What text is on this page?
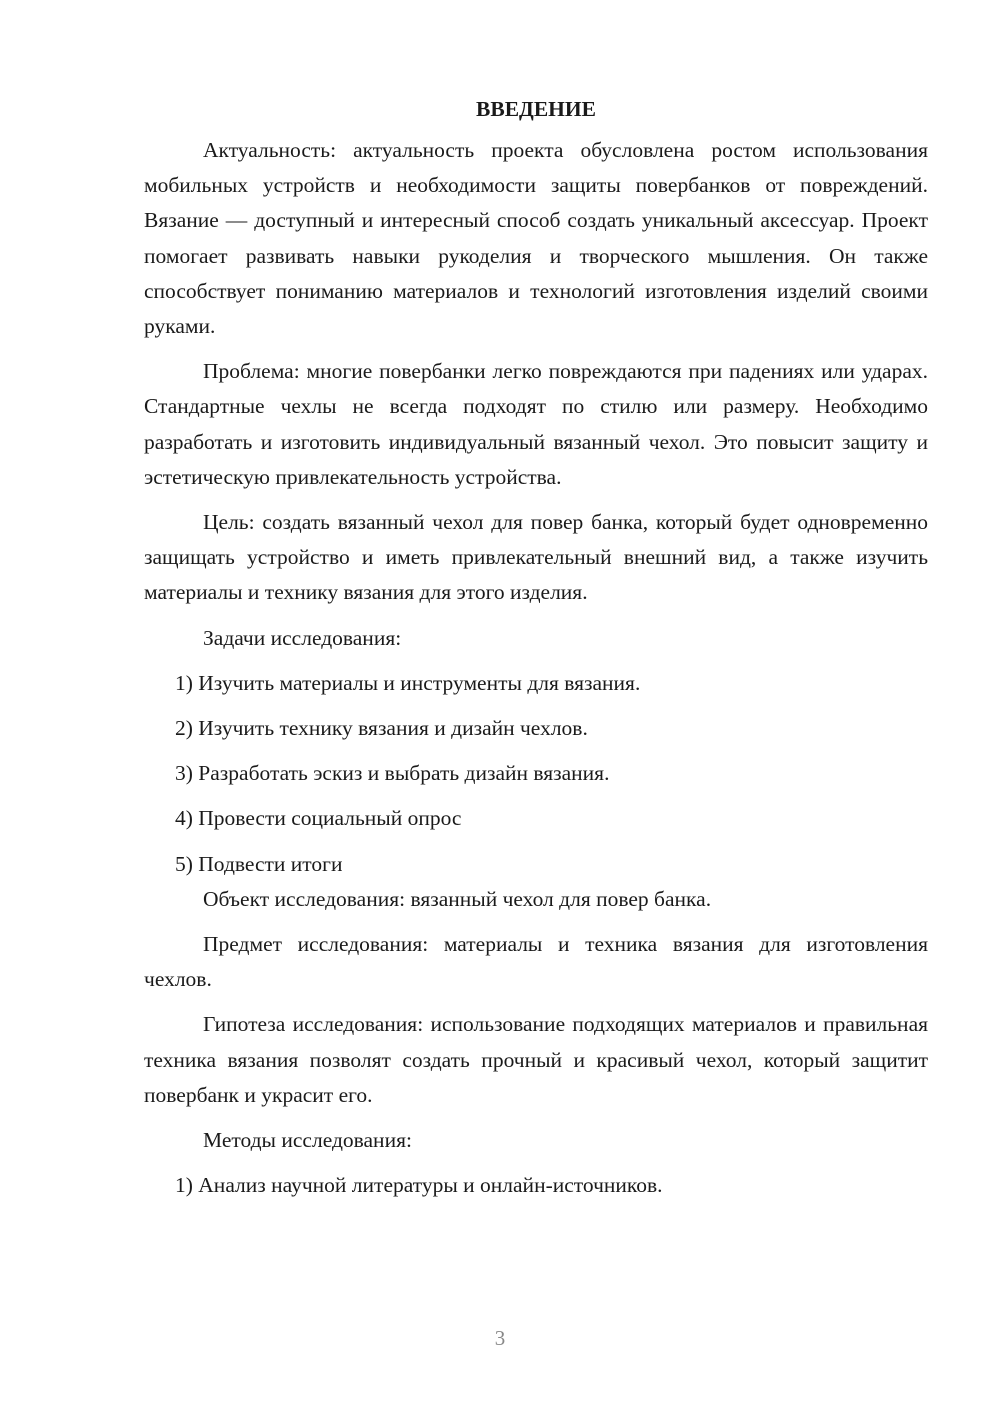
ВВЕДЕНИЕ
Актуальность: актуальность проекта обусловлена ростом использования мобильных устройств и необходимости защиты повербанков от повреждений. Вязание — доступный и интересный способ создать уникальный аксессуар. Проект помогает развивать навыки рукоделия и творческого мышления. Он также способствует пониманию материалов и технологий изготовления изделий своими руками.
Проблема: многие повербанки легко повреждаются при падениях или ударах. Стандартные чехлы не всегда подходят по стилю или размеру. Необходимо разработать и изготовить индивидуальный вязанный чехол. Это повысит защиту и эстетическую привлекательность устройства.
Цель: создать вязанный чехол для повер банка, который будет одновременно защищать устройство и иметь привлекательный внешний вид, а также изучить материалы и технику вязания для этого изделия.
Задачи исследования:
1) Изучить материалы и инструменты для вязания.
2) Изучить технику вязания и дизайн чехлов.
3) Разработать эскиз и выбрать дизайн вязания.
4) Провести социальный опрос
5) Подвести итоги
Объект исследования: вязанный чехол для повер банка.
Предмет исследования: материалы и техника вязания для изготовления чехлов.
Гипотеза исследования: использование подходящих материалов и правильная техника вязания позволят создать прочный и красивый чехол, который защитит повербанк и украсит его.
Методы исследования:
1) Анализ научной литературы и онлайн-источников.
3
